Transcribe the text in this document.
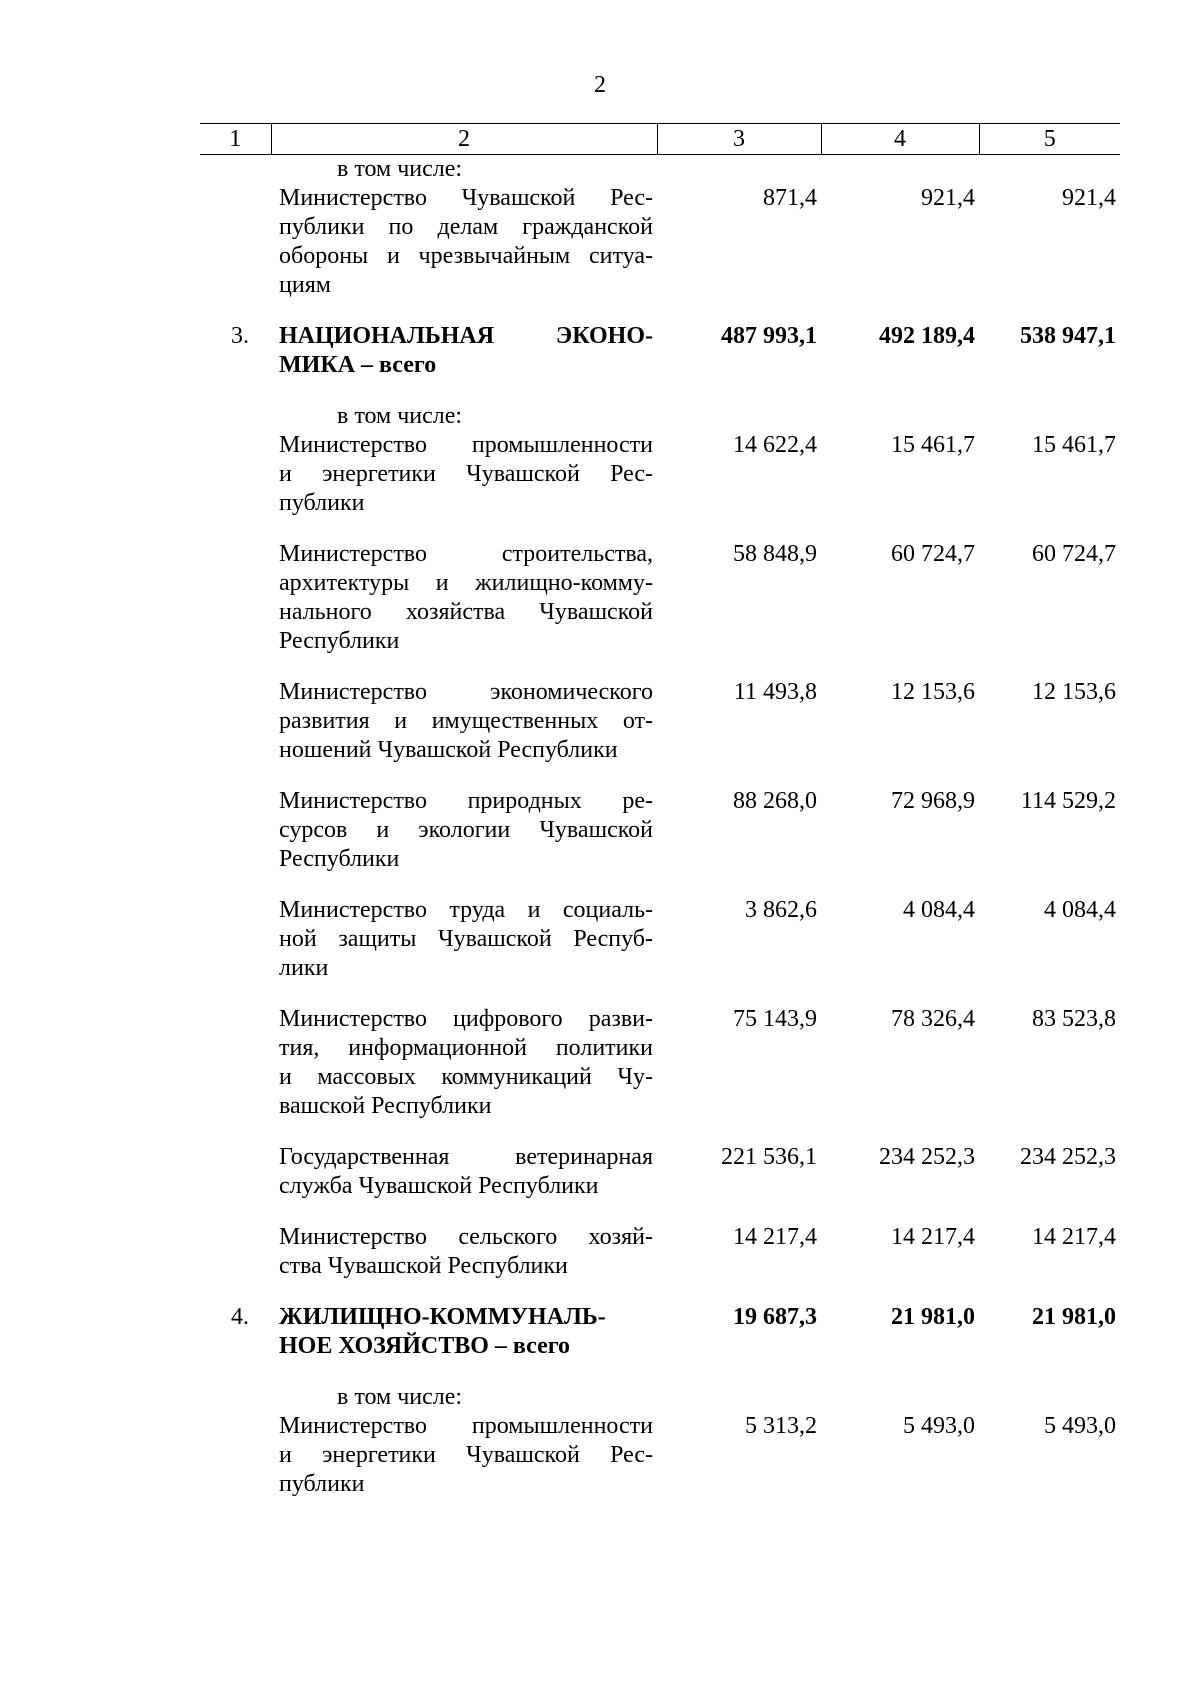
2
1	2	3	4	5

	в том числе:
Министерство Чувашской Рес-
публики по делам гражданской
обороны и чрезвычайным ситуа-
циям	871,4	921,4	921,4
3.	НАЦИОНАЛЬНАЯ ЭКОНО-
МИКА – всего	487 993,1	492 189,4	538 947,1

	в том числе:
Министерство промышленности
и энергетики Чувашской Рес-
публики	14 622,4	15 461,7	15 461,7

	Министерство строительства,
архитектуры и жилищно-комму-
нального хозяйства Чувашской
Республики	58 848,9	60 724,7	60 724,7

	Министерство экономического
развития и имущественных от-
ношений Чувашской Республики	11 493,8	12 153,6	12 153,6

	Министерство природных ре-
сурсов и экологии Чувашской
Республики	88 268,0	72 968,9	114 529,2

	Министерство труда и социаль-
ной защиты Чувашской Респуб-
лики	3 862,6	4 084,4	4 084,4

	Министерство цифрового разви-
тия, информационной политики
и массовых коммуникаций Чу-
вашской Республики	75 143,9	78 326,4	83 523,8

	Государственная ветеринарная
служба Чувашской Республики	221 536,1	234 252,3	234 252,3

	Министерство сельского хозяй-
ства Чувашской Республики	14 217,4	14 217,4	14 217,4
4.	ЖИЛИЩНО-КОММУНАЛЬ-
НОЕ ХОЗЯЙСТВО – всего	19 687,3	21 981,0	21 981,0

	в том числе:
Министерство промышленности
и энергетики Чувашской Рес-
публики	5 313,2	5 493,0	5 493,0
